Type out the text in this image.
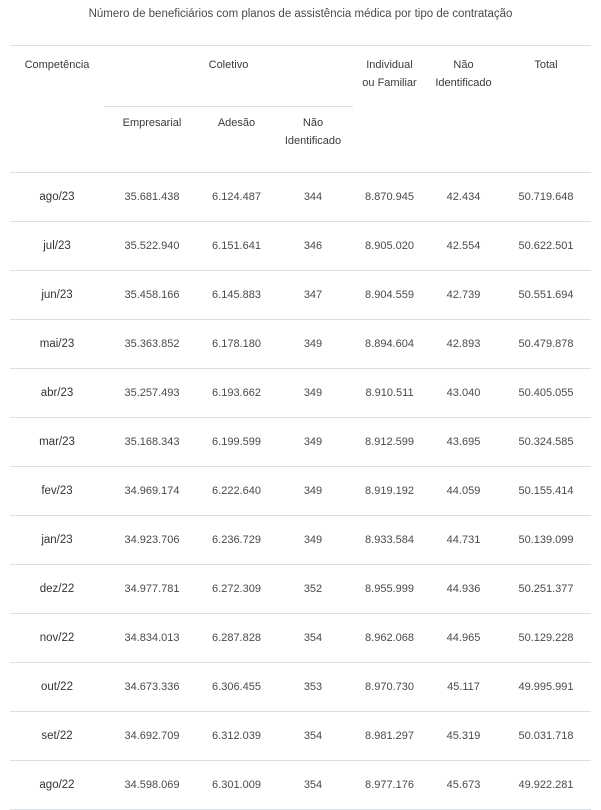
Número de beneficiários com planos de assistência médica por tipo de contratação
Competência	Coletivo			Individual ou Familiar	Não Identificado	Total
	Empresarial	Adesão	Não Identificado			
ago/23	35.681.438	6.124.487	344	8.870.945	42.434	50.719.648
jul/23	35.522.940	6.151.641	346	8.905.020	42.554	50.622.501
jun/23	35.458.166	6.145.883	347	8.904.559	42.739	50.551.694
mai/23	35.363.852	6.178.180	349	8.894.604	42.893	50.479.878
abr/23	35.257.493	6.193.662	349	8.910.511	43.040	50.405.055
mar/23	35.168.343	6.199.599	349	8.912.599	43.695	50.324.585
fev/23	34.969.174	6.222.640	349	8.919.192	44.059	50.155.414
jan/23	34.923.706	6.236.729	349	8.933.584	44.731	50.139.099
dez/22	34.977.781	6.272.309	352	8.955.999	44.936	50.251.377
nov/22	34.834.013	6.287.828	354	8.962.068	44.965	50.129.228
out/22	34.673.336	6.306.455	353	8.970.730	45.117	49.995.991
set/22	34.692.709	6.312.039	354	8.981.297	45.319	50.031.718
ago/22	34.598.069	6.301.009	354	8.977.176	45.673	49.922.281
